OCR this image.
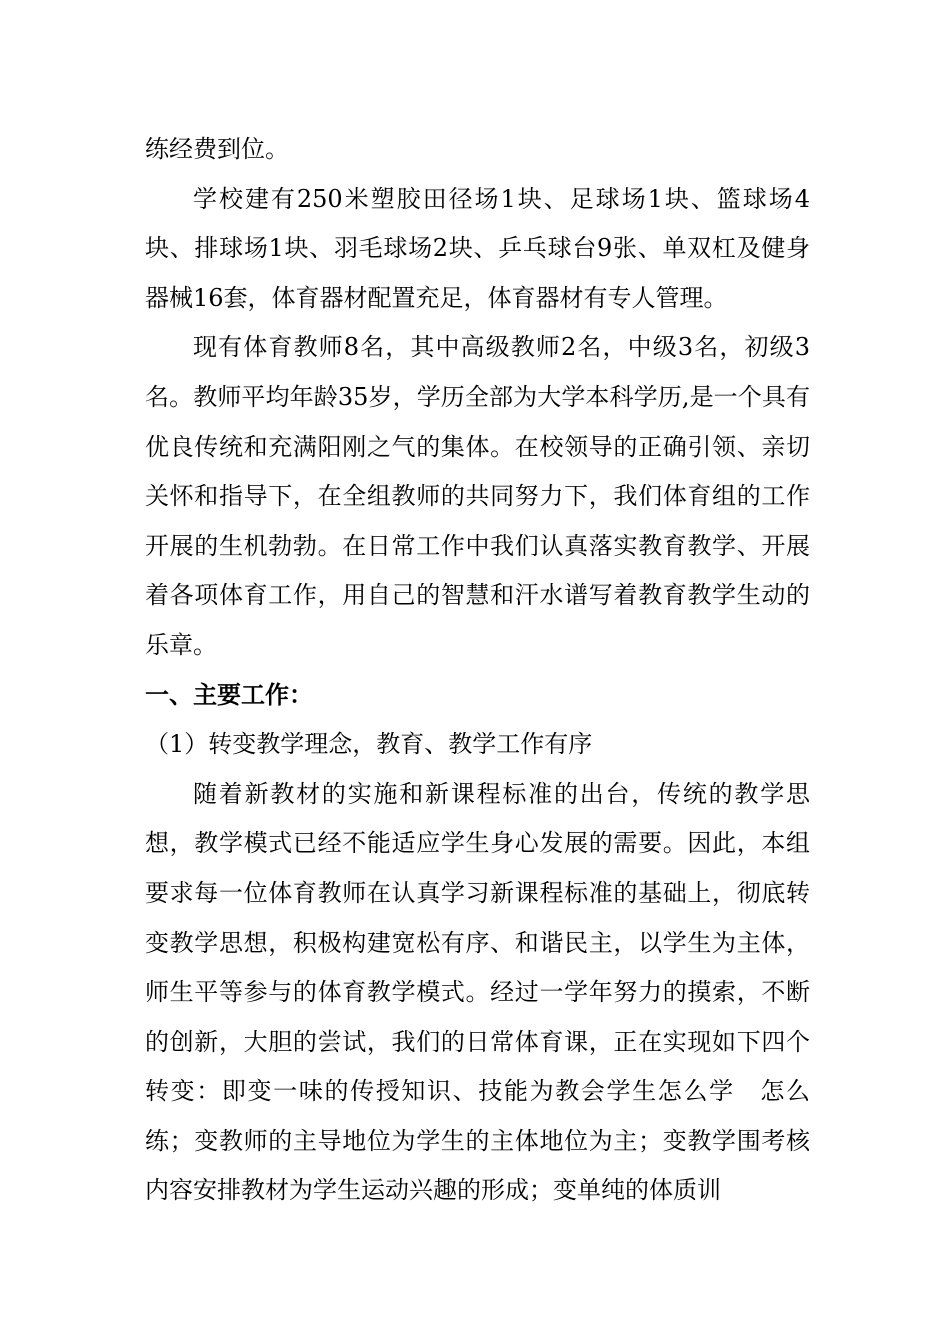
练经费到位。

学校建有250米塑胶田径场1块、足球场1块、篮球场4块、排球场1块、羽毛球场2块、乒乓球台9张、单双杠及健身器械16套，体育器材配置充足，体育器材有专人管理。

现有体育教师8名，其中高级教师2名，中级3名，初级3名。教师平均年龄35岁，学历全部为大学本科学历,是一个具有优良传统和充满阳刚之气的集体。在校领导的正确引领、亲切关怀和指导下，在全组教师的共同努力下，我们体育组的工作开展的生机勃勃。在日常工作中我们认真落实教育教学、开展着各项体育工作，用自己的智慧和汗水谱写着教育教学生动的乐章。

一、主要工作：

（1）转变教学理念，教育、教学工作有序

随着新教材的实施和新课程标准的出台，传统的教学思想，教学模式已经不能适应学生身心发展的需要。因此，本组要求每一位体育教师在认真学习新课程标准的基础上，彻底转变教学思想，积极构建宽松有序、和谐民主，以学生为主体，师生平等参与的体育教学模式。经过一学年努力的摸索，不断的创新，大胆的尝试，我们的日常体育课，正在实现如下四个转变：即变一味的传授知识、技能为教会学生怎么学　怎么练；变教师的主导地位为学生的主体地位为主；变教学围考核内容安排教材为学生运动兴趣的形成；变单纯的体质训
